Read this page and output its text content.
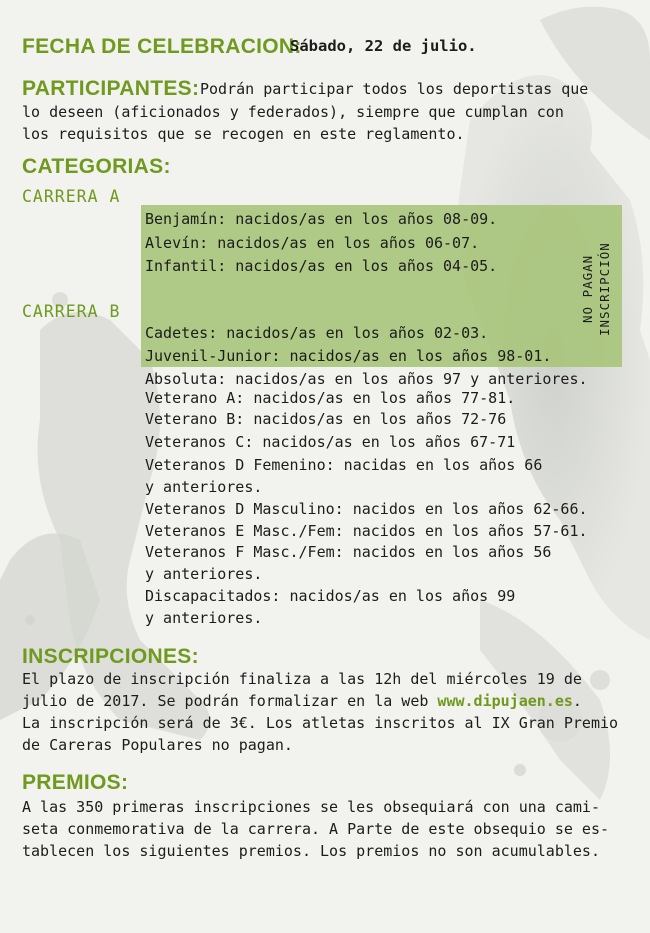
FECHA DE CELEBRACION:
Sábado, 22 de julio.
PARTICIPANTES: Podrán participar todos los deportistas que
lo deseen (aficionados y federados), siempre que cumplan con
los requisitos que se recogen en este reglamento.
CATEGORIAS:
CARRERA A
NO PAGAN INSCRIPCIÓN
Benjamín: nacidos/as en los años 08-09.
Alevín: nacidos/as en los años 06-07.
Infantil: nacidos/as en los años 04-05.
CARRERA B
Cadetes: nacidos/as en los años 02-03.
Juvenil-Junior: nacidos/as en los años 98-01.
Absoluta: nacidos/as en los años 97 y anteriores.
Veterano A: nacidos/as en los años 77-81.
Veterano B: nacidos/as en los años 72-76
Veteranos C: nacidos/as en los años 67-71
Veteranos D Femenino: nacidas en los años 66
y anteriores.
Veteranos D Masculino: nacidos en los años 62-66.
Veteranos E Masc./Fem: nacidos en los años 57-61.
Veteranos F Masc./Fem: nacidos en los años 56
y anteriores.
Discapacitados: nacidos/as en los años 99
y anteriores.
INSCRIPCIONES:
El plazo de inscripción finaliza a las 12h del miércoles 19 de
julio de 2017. Se podrán formalizar en la web www.dipujaen.es.
La inscripción será de 3€. Los atletas inscritos al IX Gran Premio
de Careras Populares no pagan.
PREMIOS:
A las 350 primeras inscripciones se les obsequiará con una cami-
seta conmemorativa de la carrera. A Parte de este obsequio se es-
tablecen los siguientes premios. Los premios no son acumulables.
